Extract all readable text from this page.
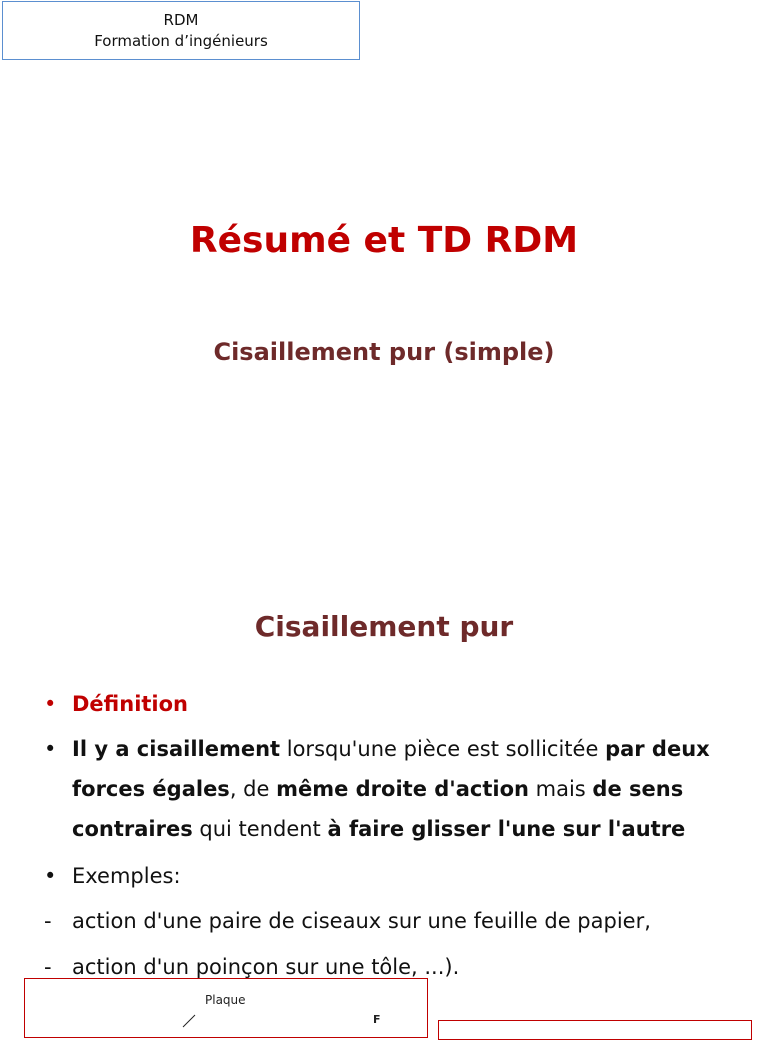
RDM
Formation d’ingénieurs
Résumé et TD RDM
Cisaillement pur (simple)
Cisaillement pur
• Définition
• Il y a cisaillement lorsqu'une pièce est sollicitée par deux forces égales, de même droite d'action mais de sens contraires qui tendent à faire glisser l'une sur l'autre
• Exemples:
- action d'une paire de ciseaux sur une feuille de papier,
- action d'un poinçon sur une tôle, ...).
Plaque
F
